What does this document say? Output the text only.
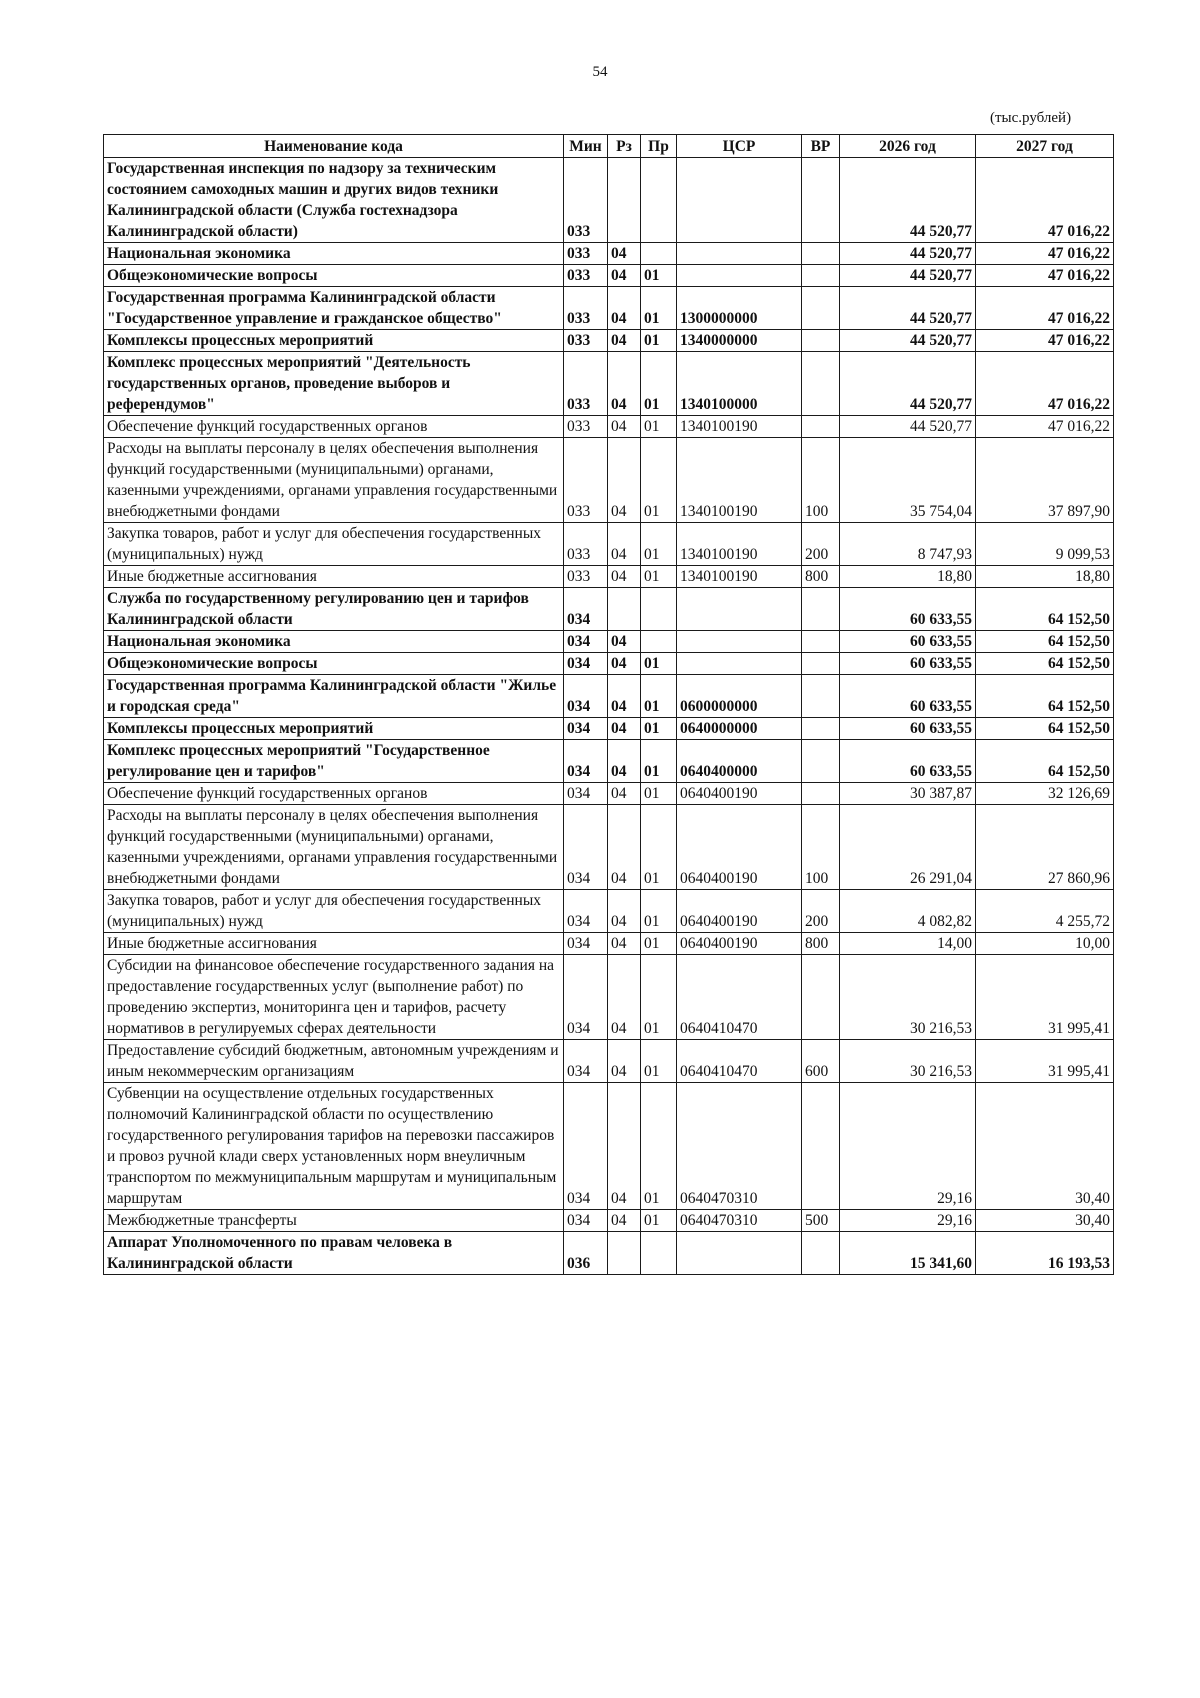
54
(тыс.рублей)
Наименование кода	Мин	Рз	Пр	ЦСР	ВР	2026 год	2027 год
Государственная инспекция по надзору за техническим состоянием самоходных машин и других видов техники Калининградской области (Служба гостехнадзора Калининградской области)	033					44 520,77	47 016,22
Национальная экономика	033	04				44 520,77	47 016,22
Общеэкономические вопросы	033	04	01			44 520,77	47 016,22
Государственная программа Калининградской области "Государственное управление и гражданское общество"	033	04	01	1300000000		44 520,77	47 016,22
Комплексы процессных мероприятий	033	04	01	1340000000		44 520,77	47 016,22
Комплекс процессных мероприятий "Деятельность государственных органов, проведение выборов и референдумов"	033	04	01	1340100000		44 520,77	47 016,22
Обеспечение функций государственных органов	033	04	01	1340100190		44 520,77	47 016,22
Расходы на выплаты персоналу в целях обеспечения выполнения функций государственными (муниципальными) органами, казенными учреждениями, органами управления государственными внебюджетными фондами	033	04	01	1340100190	100	35 754,04	37 897,90
Закупка товаров, работ и услуг для обеспечения государственных (муниципальных) нужд	033	04	01	1340100190	200	8 747,93	9 099,53
Иные бюджетные ассигнования	033	04	01	1340100190	800	18,80	18,80
Служба по государственному регулированию цен и тарифов Калининградской области	034					60 633,55	64 152,50
Национальная экономика	034	04				60 633,55	64 152,50
Общеэкономические вопросы	034	04	01			60 633,55	64 152,50
Государственная программа Калининградской области "Жилье и городская среда"	034	04	01	0600000000		60 633,55	64 152,50
Комплексы процессных мероприятий	034	04	01	0640000000		60 633,55	64 152,50
Комплекс процессных мероприятий "Государственное регулирование цен и тарифов"	034	04	01	0640400000		60 633,55	64 152,50
Обеспечение функций государственных органов	034	04	01	0640400190		30 387,87	32 126,69
Расходы на выплаты персоналу в целях обеспечения выполнения функций государственными (муниципальными) органами, казенными учреждениями, органами управления государственными внебюджетными фондами	034	04	01	0640400190	100	26 291,04	27 860,96
Закупка товаров, работ и услуг для обеспечения государственных (муниципальных) нужд	034	04	01	0640400190	200	4 082,82	4 255,72
Иные бюджетные ассигнования	034	04	01	0640400190	800	14,00	10,00
Субсидии на финансовое обеспечение государственного задания на предоставление государственных услуг (выполнение работ) по проведению экспертиз, мониторинга цен и тарифов, расчету нормативов в регулируемых сферах деятельности	034	04	01	0640410470		30 216,53	31 995,41
Предоставление субсидий бюджетным, автономным учреждениям и иным некоммерческим организациям	034	04	01	0640410470	600	30 216,53	31 995,41
Субвенции на осуществление отдельных государственных полномочий Калининградской области по осуществлению государственного регулирования тарифов на перевозки пассажиров и провоз ручной клади сверх установленных норм внеуличным транспортом по межмуниципальным маршрутам и муниципальным маршрутам	034	04	01	0640470310		29,16	30,40
Межбюджетные трансферты	034	04	01	0640470310	500	29,16	30,40
Аппарат Уполномоченного по правам человека в Калининградской области	036					15 341,60	16 193,53
